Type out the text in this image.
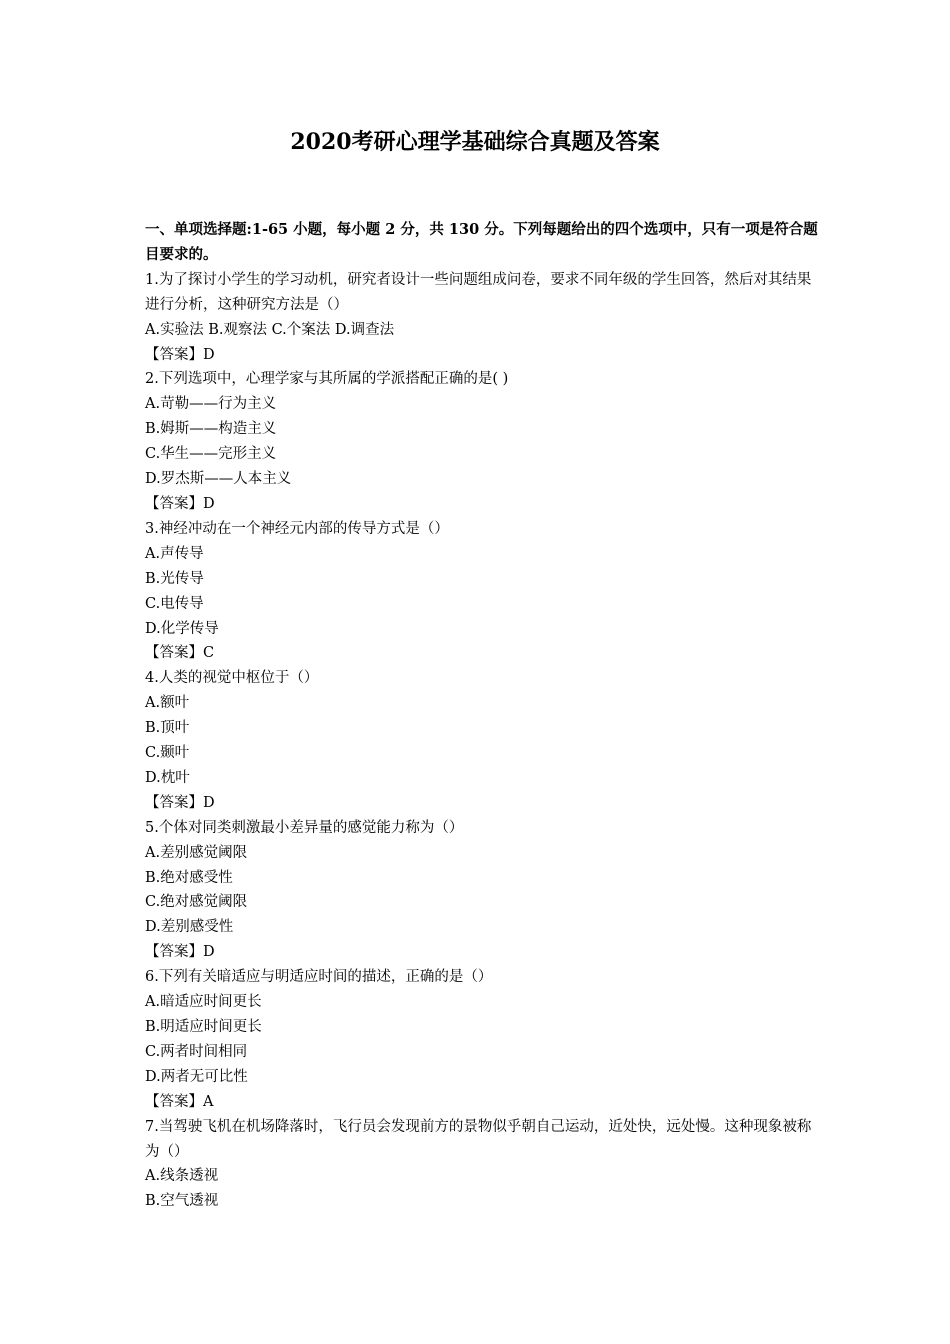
2020考研心理学基础综合真题及答案
一、单项选择题:1-65 小题，每小题 2 分，共 130 分。下列每题给出的四个选项中，只有一项是符合题目要求的。
1.为了探讨小学生的学习动机，研究者设计一些问题组成问卷，要求不同年级的学生回答，然后对其结果进行分析，这种研究方法是（）
A.实验法 B.观察法 C.个案法 D.调查法
【答案】D
2.下列选项中，心理学家与其所属的学派搭配正确的是( )
A.苛勒——行为主义
B.姆斯——构造主义
C.华生——完形主义
D.罗杰斯——人本主义
【答案】D
3.神经冲动在一个神经元内部的传导方式是（）
A.声传导
B.光传导
C.电传导
D.化学传导
【答案】C
4.人类的视觉中枢位于（）
A.额叶
B.顶叶
C.颞叶
D.枕叶
【答案】D
5.个体对同类刺激最小差异量的感觉能力称为（）
A.差别感觉阈限
B.绝对感受性
C.绝对感觉阈限
D.差别感受性
【答案】D
6.下列有关暗适应与明适应时间的描述，正确的是（）
A.暗适应时间更长
B.明适应时间更长
C.两者时间相同
D.两者无可比性
【答案】A
7.当驾驶飞机在机场降落时，飞行员会发现前方的景物似乎朝自己运动，近处快，远处慢。这种现象被称为（）
A.线条透视
B.空气透视
